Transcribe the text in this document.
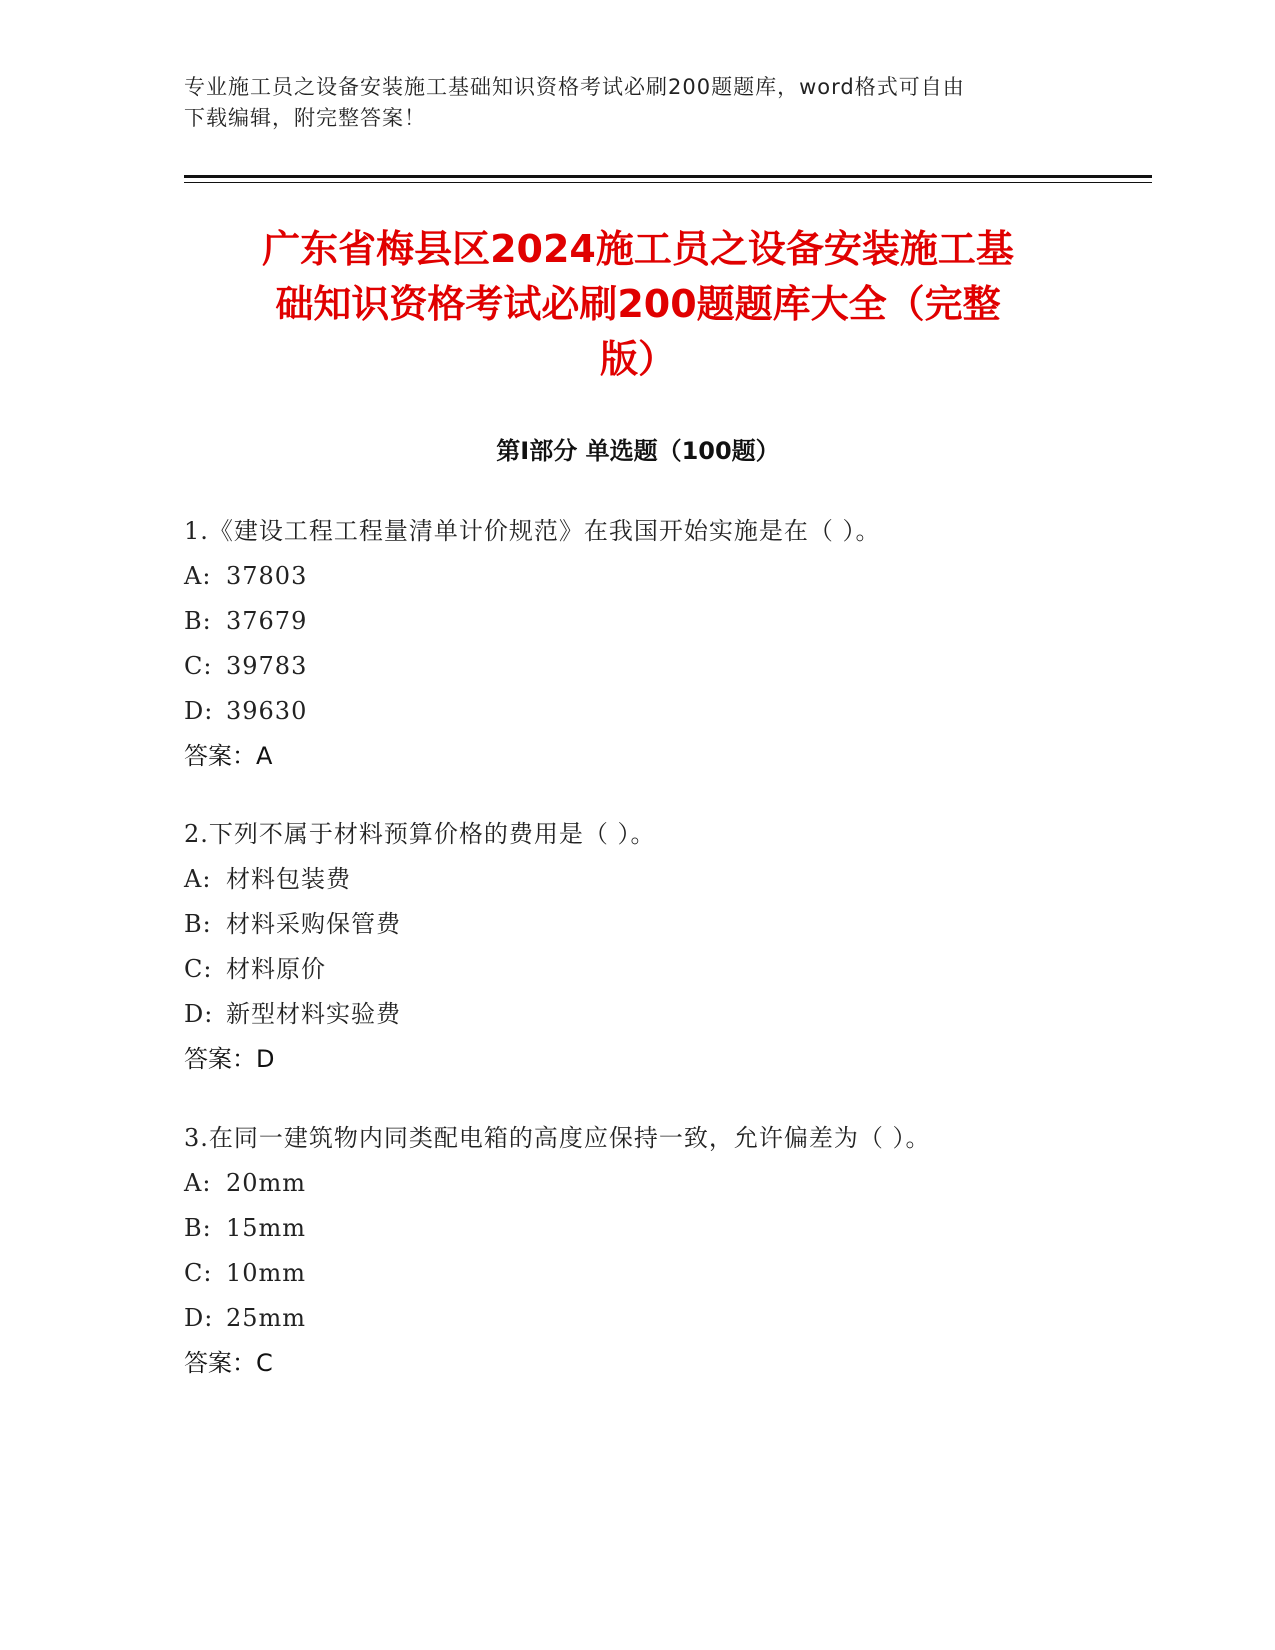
专业施工员之设备安装施工基础知识资格考试必刷200题题库，word格式可自由
下载编辑，附完整答案！
广东省梅县区2024施工员之设备安装施工基
础知识资格考试必刷200题题库大全（完整
版）
第I部分 单选题（100题）
1.《建设工程工程量清单计价规范》在我国开始实施是在（ ）。
A: 37803
B: 37679
C: 39783
D: 39630
答案：A
2.下列不属于材料预算价格的费用是（ ）。
A: 材料包装费
B: 材料采购保管费
C: 材料原价
D: 新型材料实验费
答案：D
3.在同一建筑物内同类配电箱的高度应保持一致，允许偏差为（ ）。
A: 20mm
B: 15mm
C: 10mm
D: 25mm
答案：C
